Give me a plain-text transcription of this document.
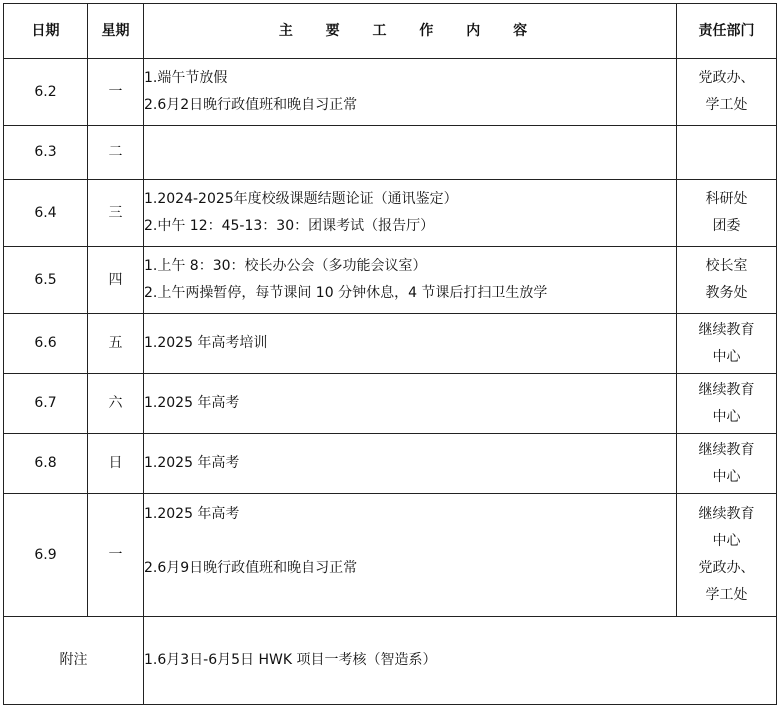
日期	星期	主 要 工 作 内 容	责任部门
6.2	一	1.端午节放假
2.6月2日晚行政值班和晚自习正常	党政办、
学工处

6.3	二		
6.4	三	1.2024-2025年度校级课题结题论证（通讯鉴定）
2.中午 12：45-13：30：团课考试（报告厅）	科研处
团委

6.5	四	1.上午 8：30：校长办公会（多功能会议室）
2.上午两操暂停，每节课间 10 分钟休息，4 节课后打扫卫生放学	校长室
教务处

6.6	五	1.2025 年高考培训	继续教育
中心

6.7	六	1.2025 年高考	继续教育
中心

6.8	日	1.2025 年高考	继续教育
中心

6.9	一	1.2025 年高考
2.6月9日晚行政值班和晚自习正常	继续教育
中心
党政办、
学工处

附注		1.6月3日-6月5日 HWK 项目一考核（智造系）	
